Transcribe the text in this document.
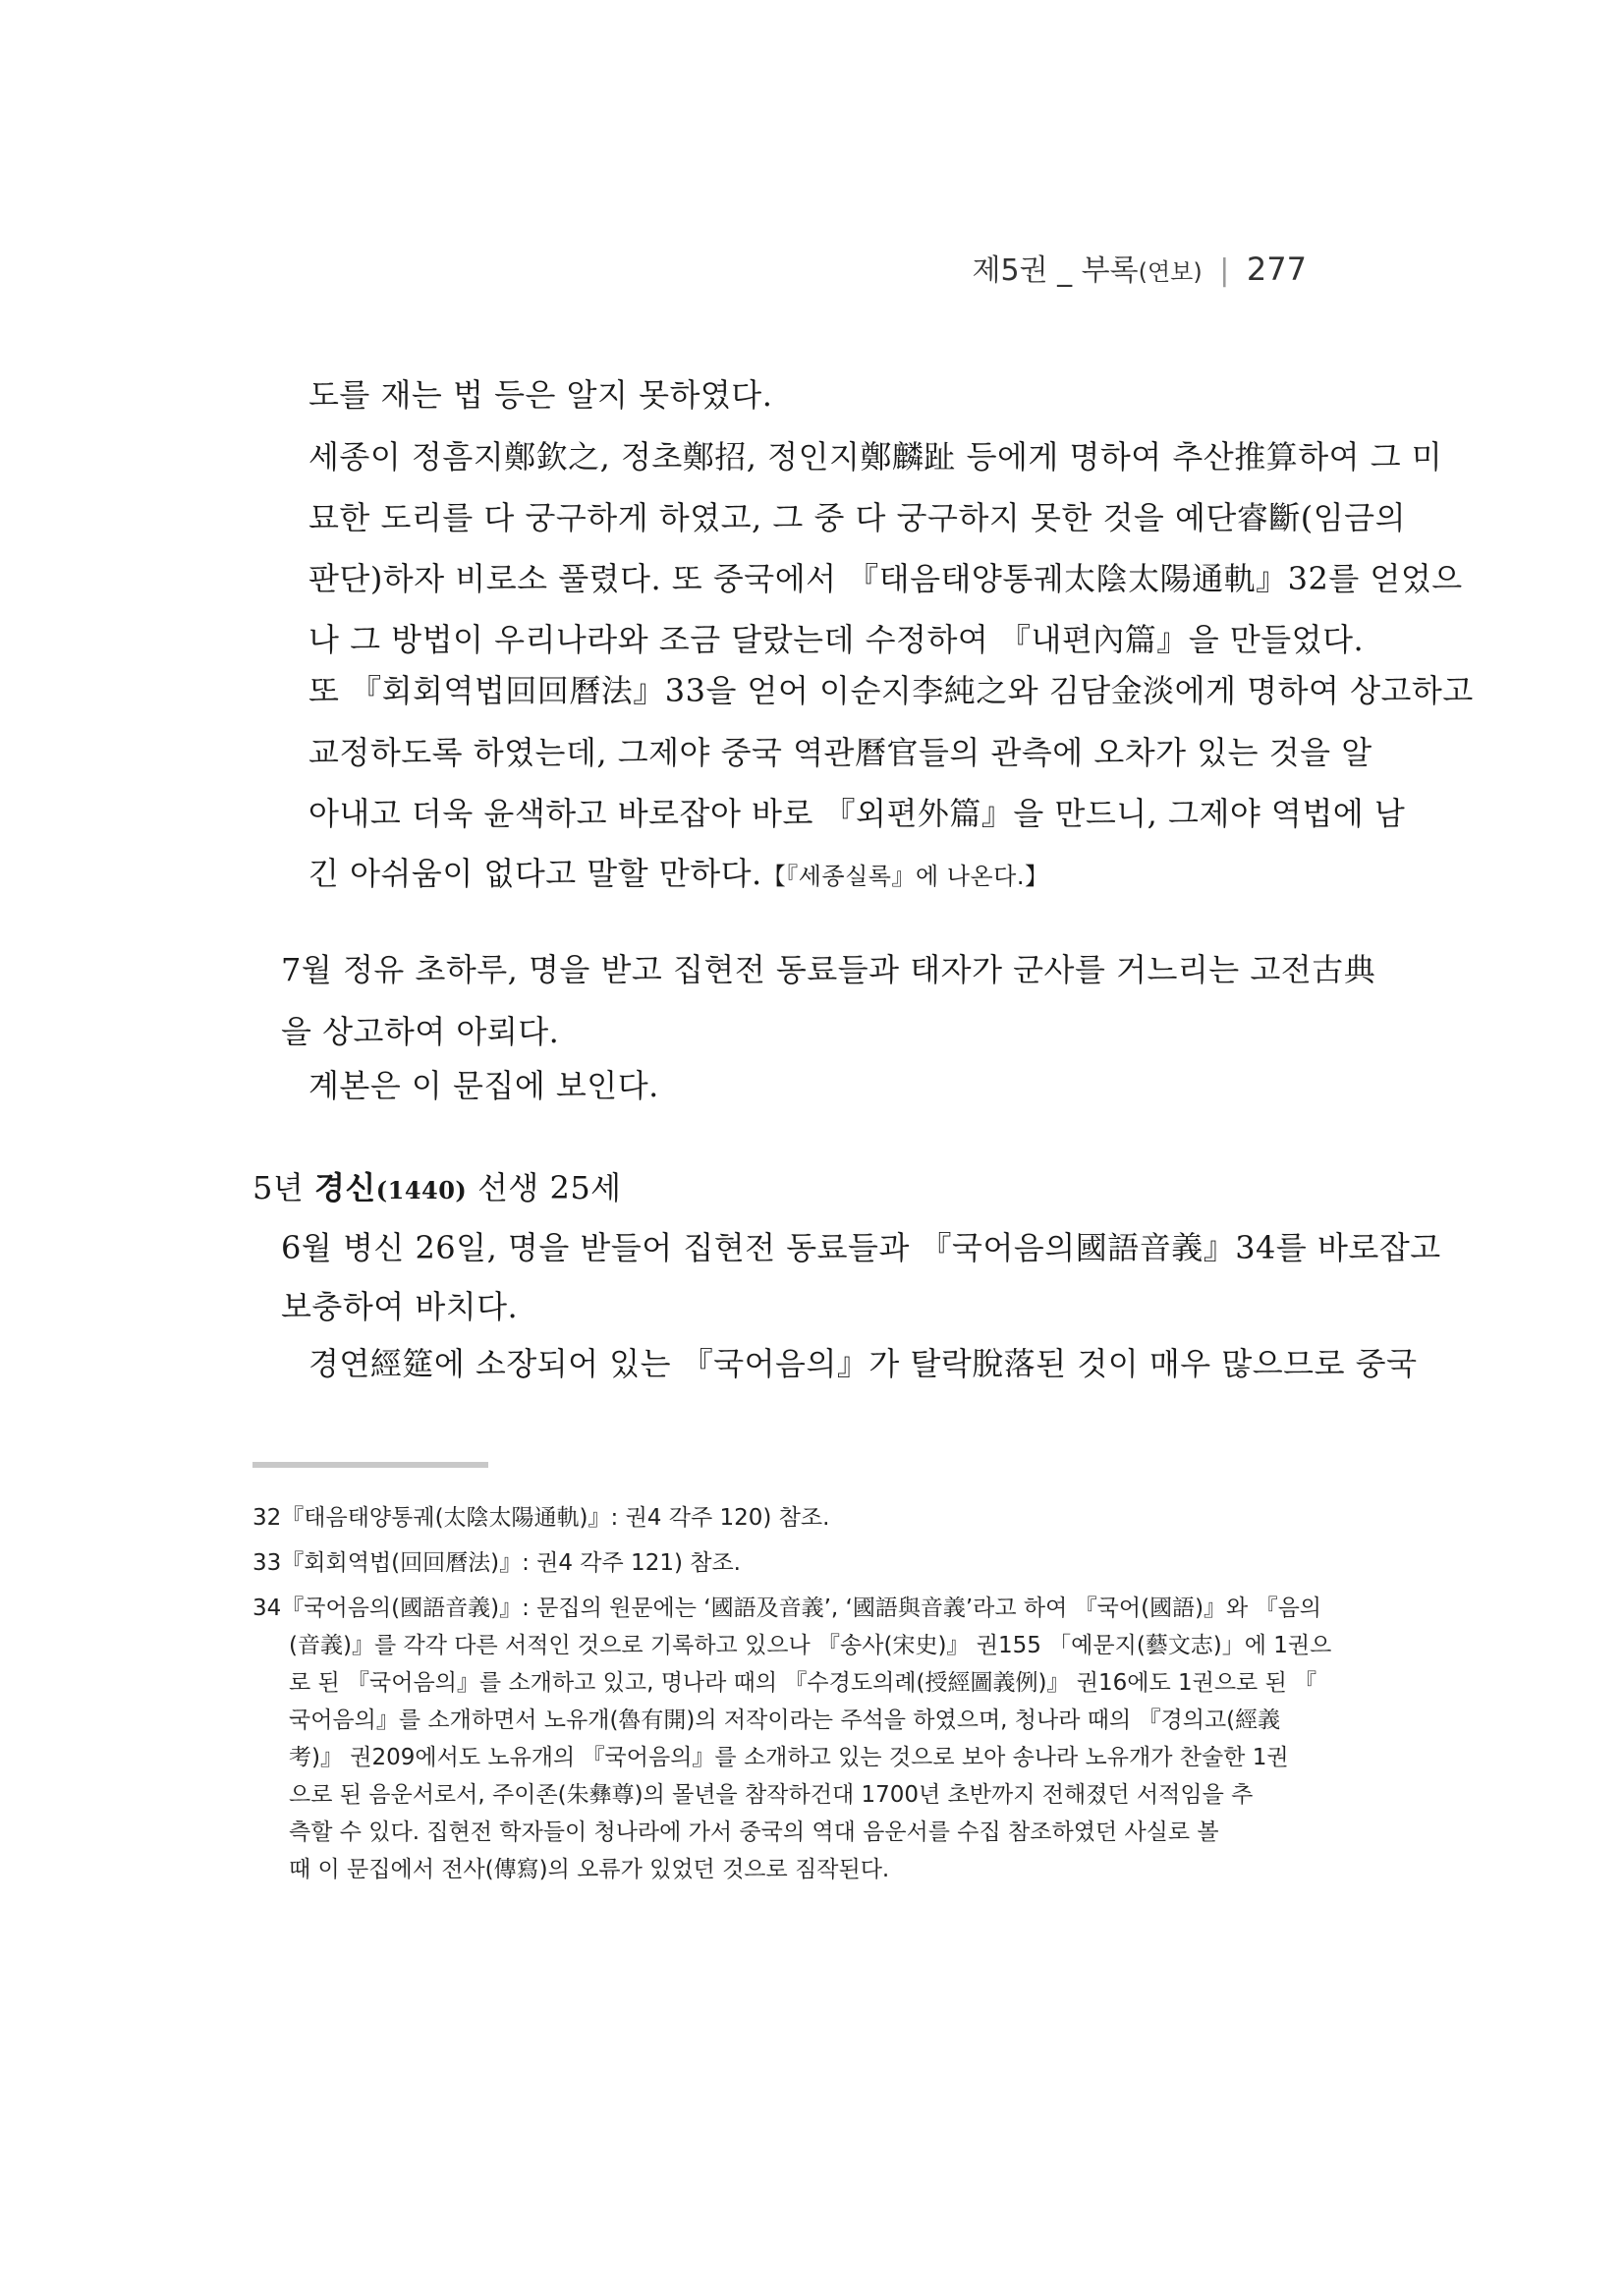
제5권 _ 부록(연보) | 277
도를 재는 법 등은 알지 못하였다.
세종이 정흠지鄭欽之, 정초鄭招, 정인지鄭麟趾 등에게 명하여 추산推算하여 그 미
묘한 도리를 다 궁구하게 하였고, 그 중 다 궁구하지 못한 것을 예단睿斷(임금의
판단)하자 비로소 풀렸다. 또 중국에서 『태음태양통궤太陰太陽通軌』32를 얻었으
나 그 방법이 우리나라와 조금 달랐는데 수정하여 『내편內篇』을 만들었다.
또 『회회역법回回曆法』33을 얻어 이순지李純之와 김담金淡에게 명하여 상고하고
교정하도록 하였는데, 그제야 중국 역관曆官들의 관측에 오차가 있는 것을 알
아내고 더욱 윤색하고 바로잡아 바로 『외편外篇』을 만드니, 그제야 역법에 남
긴 아쉬움이 없다고 말할 만하다.【『세종실록』에 나온다.】
7월 정유 초하루, 명을 받고 집현전 동료들과 태자가 군사를 거느리는 고전古典
을 상고하여 아뢰다.
계본은 이 문집에 보인다.
5년 경신(1440) 선생 25세
6월 병신 26일, 명을 받들어 집현전 동료들과 『국어음의國語音義』34를 바로잡고
보충하여 바치다.
경연經筵에 소장되어 있는 『국어음의』가 탈락脫落된 것이 매우 많으므로 중국
32『태음태양통궤(太陰太陽通軌)』: 권4 각주 120) 참조.
33『회회역법(回回曆法)』: 권4 각주 121) 참조.
34『국어음의(國語音義)』: 문집의 원문에는 ‘國語及音義’, ‘國語與音義’라고 하여 『국어(國語)』와 『음의
(音義)』를 각각 다른 서적인 것으로 기록하고 있으나 『송사(宋史)』 권155 「예문지(藝文志)」에 1권으
로 된 『국어음의』를 소개하고 있고, 명나라 때의 『수경도의례(授經圖義例)』 권16에도 1권으로 된 『
국어음의』를 소개하면서 노유개(魯有開)의 저작이라는 주석을 하였으며, 청나라 때의 『경의고(經義
考)』 권209에서도 노유개의 『국어음의』를 소개하고 있는 것으로 보아 송나라 노유개가 찬술한 1권
으로 된 음운서로서, 주이존(朱彝尊)의 몰년을 참작하건대 1700년 초반까지 전해졌던 서적임을 추
측할 수 있다. 집현전 학자들이 청나라에 가서 중국의 역대 음운서를 수집 참조하였던 사실로 볼
때 이 문집에서 전사(傳寫)의 오류가 있었던 것으로 짐작된다.
